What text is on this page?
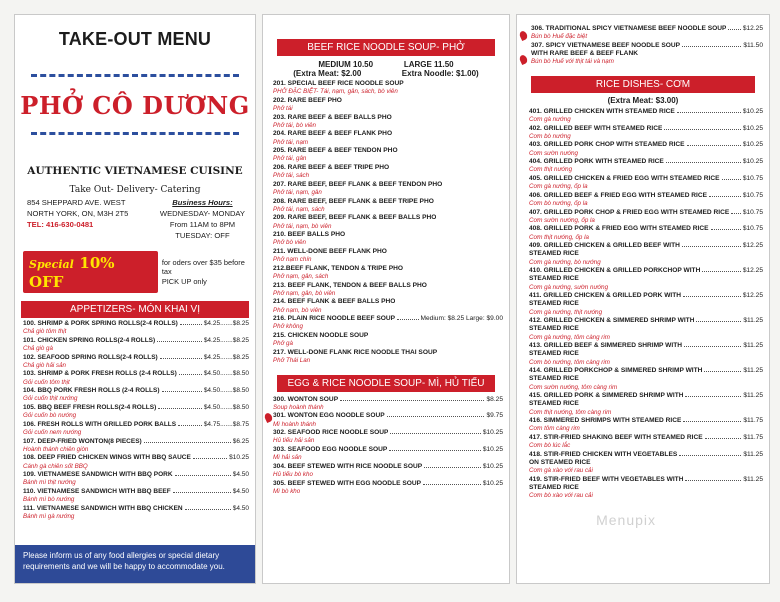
TAKE-OUT MENU
PHỞ CÔ DƯƠNG
AUTHENTIC VIETNAMESE CUISINE
Take Out- Delivery- Catering
854 SHEPPARD AVE. WEST
NORTH YORK, ON, M3H 2T5
TEL: 416-630-0481
Business Hours:
WEDNESDAY- MONDAY
From 11AM to 8PM
TUESDAY: OFF
Special 10% OFF
for oders over $35 before tax
PICK UP only
APPETIZERS- MÓN KHAI VỊ
100. SHRIMP & PORK SPRING ROLLS(2-4 ROLLS)	$4.25.......$8.25
Chả giò tôm thịt
101. CHICKEN SPRING ROLLS(2-4 ROLLS)	$4.25.......$8.25
Chả giò gà
102. SEAFOOD SPRING ROLLS(2-4 ROLLS)	$4.25.......$8.25
Chả giò hải sản
103. SHRIMP & PORK FRESH ROLLS (2-4 ROLLS)	$4.50.......$8.50
Gỏi cuốn tôm thịt
104. BBQ PORK FRESH ROLLS (2-4 ROLLS)	$4.50.......$8.50
Gỏi cuốn thịt nướng
105. BBQ BEEF FRESH ROLLS(2-4 ROLLS)	$4.50.......$8.50
Gỏi cuốn bò nướng
106. FRESH ROLLS WITH GRILLED PORK BALLS	$4.75.......$8.75
Gỏi cuốn nem nướng
107. DEEP-FRIED WONTON(8 PIECES)	$6.25
Hoành thánh chiên giòn
108. DEEP FRIED CHICKEN WINGS WITH BBQ SAUCE	$10.25
Cánh gà chiên sốt BBQ
109. VIETNAMESE SANDWICH WITH BBQ PORK	$4.50
Bánh mì thịt nướng
110. VIETNAMESE SANDWICH WITH BBQ BEEF	$4.50
Bánh mì bò nướng
111. VIETNAMESE SANDWICH WITH BBQ CHICKEN	$4.50
Bánh mì gà nướng
Please inform us of any food allergies or special dietary requirements and we will be happy to accommodate you.
BEEF RICE NOODLE SOUP- PHỞ
MEDIUM 10.50	LARGE 11.50
(Extra Meat: $2.00	Extra Noodle: $1.00)
201. SPECIAL BEEF RICE NOODLE SOUP
PHỞ ĐẶC BIỆT- Tái, nạm, gân, sách, bò viên
202. RARE BEEF PHO
Phở tái
203. RARE BEEF & BEEF BALLS PHO
Phở tái, bò viên
204. RARE BEEF & BEEF FLANK PHO
Phở tái, nạm
205. RARE BEEF & BEEF TENDON PHO
Phở tái, gân
206. RARE BEEF & BEEF TRIPE PHO
Phở tái, sách
207. RARE BEEF, BEEF FLANK & BEEF TENDON PHO
Phở tái, nạm, gân
208. RARE BEEF, BEEF FLANK & BEEF TRIPE PHO
Phở tái, nạm, sách
209. RARE BEEF, BEEF FLANK & BEEF BALLS PHO
Phở tái, nạm, bò viên
210. BEEF BALLS PHO
Phở bò viên
211. WELL-DONE BEEF FLANK PHO
Phở nạm chín
212.BEEF FLANK, TENDON & TRIPE PHO
Phở nạm, gân, sách
213. BEEF FLANK, TENDON & BEEF BALLS PHO
Phở nạm, gân, bò viên
214. BEEF FLANK & BEEF BALLS PHO
Phở nạm, bò viên
216. PLAIN RICE NOODLE BEEF SOUP	Medium: $8.25 Large: $9.00
Phở không
215. CHICKEN NOODLE SOUP
Phở gà
217. WELL-DONE FLANK RICE NOODLE THAI SOUP
Phở Thái Lan
EGG & RICE NOODLE SOUP- MÌ, HỦ TIẾU
300. WONTON SOUP	$8.25
Soup hoành thánh
301. WONTON EGG NOODLE SOUP	$9.75
Mì hoành thánh
302. SEAFOOD RICE NOODLE SOUP	$10.25
Hủ tiếu hải sản
303. SEAFOOD EGG NOODLE SOUP	$10.25
Mì hải sản
304. BEEF STEWED WITH RICE NOODLE SOUP	$10.25
Hủ tiếu bò kho
305. BEEF STEWED WITH EGG NOODLE SOUP	$10.25
Mì bò kho
306. TRADITIONAL SPICY VIETNAMESE BEEF NOODLE SOUP $12.25
Bún bò Huế đặc biệt
307. SPICY VIETNAMESE BEEF NOODLE SOUP	$11.50
WITH RARE BEEF & BEEF FLANK
Bún bò Huế với thịt tái và nạm
RICE DISHES- CƠM
(Extra Meat: $3.00)
401. GRILLED CHICKEN WITH STEAMED RICE	$10.25
Cơm gà nướng
402. GRILLED BEEF WITH STEAMED RICE	$10.25
Cơm bò nướng
403. GRILLED PORK CHOP WITH STEAMED RICE	$10.25
Cơm sườn nướng
404. GRILLED PORK WITH STEAMED RICE	$10.25
Cơm thịt nướng
405. GRILLED CHICKEN & FRIED EGG WITH STEAMED RICE	$10.75
Cơm gà nướng, ốp la
406. GRILLED BEEF & FRIED EGG WITH STEAMED RICE	$10.75
Cơm bò nướng, ốp la
407. GRILLED PORK CHOP & FRIED EGG WITH STEAMED RICE $10.75
Cơm sườn nướng, ốp la
408. GRILLED PORK & FRIED EGG WITH STEAMED RICE	$10.75
Cơm thịt nướng, ốp la
409. GRILLED CHICKEN & GRILLED BEEF WITH	$12.25
STEAMED RICE
Cơm gà nướng, bò nướng
410. GRILLED CHICKEN & GRILLED PORKCHOP WITH	$12.25
STEAMED RICE
Cơm gà nướng, sườn nướng
411. GRILLED CHICKEN & GRILLED PORK WITH	$12.25
STEAMED RICE
Cơm gà nướng, thịt nướng
412. GRILLED CHICKEN & SIMMERED SHRIMP WITH	$11.25
STEAMED RICE
Cơm gà nướng, tôm càng rim
413. GRILLED BEEF & SIMMERED SHRIMP WITH	$11.25
STEAMED RICE
Cơm bò nướng, tôm càng rim
414. GRILLED PORKCHOP & SIMMERED SHRIMP WITH	$11.25
STEAMED RICE
Cơm sườn nướng, tôm càng rim
415. GRILLED PORK & SIMMERED SHRIMP WITH	$11.25
STEAMED RICE
Cơm thịt nướng, tôm càng rim
416. SIMMERED SHRIMPS WITH STEAMED RICE	$11.75
Cơm tôm càng rim
417. STIR-FRIED SHAKING BEEF WITH STEAMED RICE	$11.75
Cơm bò lúc lắc
418. STIR-FRIED CHICKEN WITH VEGETABLES	$11.25
ON STEAMED RICE
Cơm gà xào với rau cải
419. STIR-FRIED BEEF WITH VEGETABLES WITH	$11.25
STEAMED RICE
Cơm bò xào với rau cải
Menupix
